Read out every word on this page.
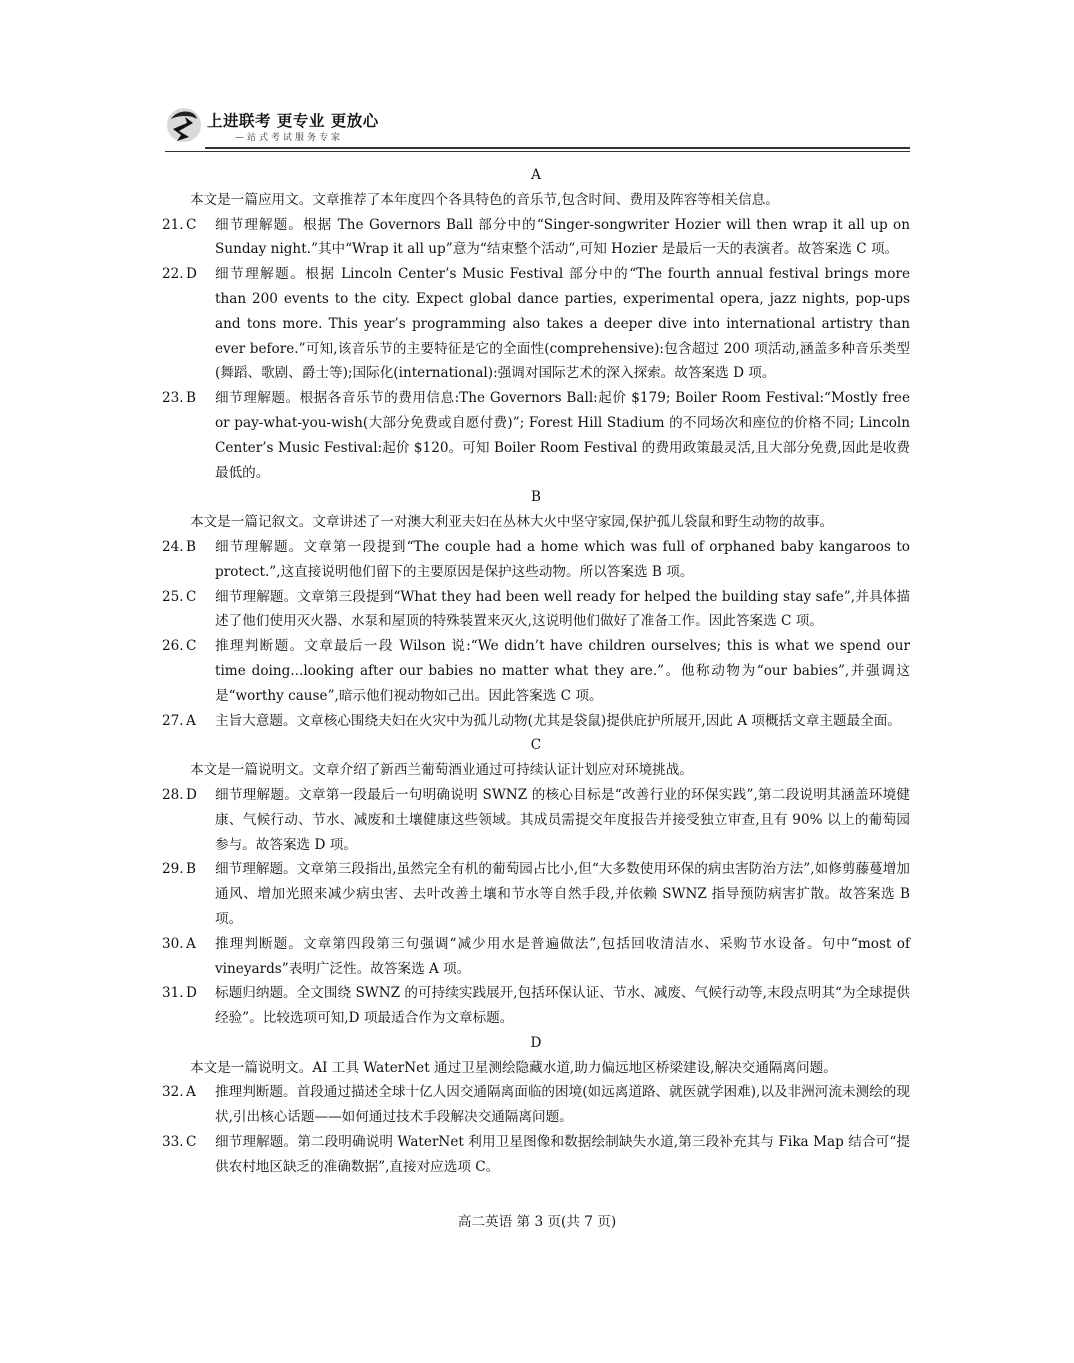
上进联考 更专业 更放心
—站式考试服务专家
A
本文是一篇应用文。文章推荐了本年度四个各具特色的音乐节,包含时间、费用及阵容等相关信息。
21. C	细节理解题。根据 The Governors Ball 部分中的“Singer-songwriter Hozier will then wrap it all up on Sunday night.”其中“Wrap it all up”意为“结束整个活动”,可知 Hozier 是最后一天的表演者。故答案选 C 项。
22. D	细节理解题。根据 Lincoln Center’s Music Festival 部分中的“The fourth annual festival brings more than 200 events to the city. Expect global dance parties, experimental opera, jazz nights, pop-ups and tons more. This year’s programming also takes a deeper dive into international artistry than ever before.”可知,该音乐节的主要特征是它的全面性(comprehensive):包含超过 200 项活动,涵盖多种音乐类型(舞蹈、歌剧、爵士等);国际化(international):强调对国际艺术的深入探索。故答案选 D 项。
23. B	细节理解题。根据各音乐节的费用信息:The Governors Ball:起价 $179; Boiler Room Festival:“Mostly free or pay-what-you-wish(大部分免费或自愿付费)”; Forest Hill Stadium 的不同场次和座位的价格不同; Lincoln Center’s Music Festival:起价 $120。可知 Boiler Room Festival 的费用政策最灵活,且大部分免费,因此是收费最低的。
B
本文是一篇记叙文。文章讲述了一对澳大利亚夫妇在丛林大火中坚守家园,保护孤儿袋鼠和野生动物的故事。
24. B	细节理解题。文章第一段提到“The couple had a home which was full of orphaned baby kangaroos to protect.”,这直接说明他们留下的主要原因是保护这些动物。所以答案选 B 项。
25. C	细节理解题。文章第三段提到“What they had been well ready for helped the building stay safe”,并具体描述了他们使用灭火器、水泵和屋顶的特殊装置来灭火,这说明他们做好了准备工作。因此答案选 C 项。
26. C	推理判断题。文章最后一段 Wilson 说:“We didn’t have children ourselves; this is what we spend our time doing...looking after our babies no matter what they are.”。他称动物为“our babies”,并强调这是“worthy cause”,暗示他们视动物如己出。因此答案选 C 项。
27. A	主旨大意题。文章核心围绕夫妇在火灾中为孤儿动物(尤其是袋鼠)提供庇护所展开,因此 A 项概括文章主题最全面。
C
本文是一篇说明文。文章介绍了新西兰葡萄酒业通过可持续认证计划应对环境挑战。
28. D	细节理解题。文章第一段最后一句明确说明 SWNZ 的核心目标是“改善行业的环保实践”,第二段说明其涵盖环境健康、气候行动、节水、减废和土壤健康这些领域。其成员需提交年度报告并接受独立审查,且有 90% 以上的葡萄园参与。故答案选 D 项。
29. B	细节理解题。文章第三段指出,虽然完全有机的葡萄园占比小,但“大多数使用环保的病虫害防治方法”,如修剪藤蔓增加通风、增加光照来减少病虫害、去叶改善土壤和节水等自然手段,并依赖 SWNZ 指导预防病害扩散。故答案选 B 项。
30. A	推理判断题。文章第四段第三句强调“减少用水是普遍做法”,包括回收清洁水、采购节水设备。句中“most of vineyards”表明广泛性。故答案选 A 项。
31. D	标题归纳题。全文围绕 SWNZ 的可持续实践展开,包括环保认证、节水、减废、气候行动等,末段点明其“为全球提供经验”。比较选项可知,D 项最适合作为文章标题。
D
本文是一篇说明文。AI 工具 WaterNet 通过卫星测绘隐藏水道,助力偏远地区桥梁建设,解决交通隔离问题。
32. A	推理判断题。首段通过描述全球十亿人因交通隔离面临的困境(如远离道路、就医就学困难),以及非洲河流未测绘的现状,引出核心话题——如何通过技术手段解决交通隔离问题。
33. C	细节理解题。第二段明确说明 WaterNet 利用卫星图像和数据绘制缺失水道,第三段补充其与 Fika Map 结合可“提供农村地区缺乏的准确数据”,直接对应选项 C。
高二英语 第 3 页(共 7 页)
